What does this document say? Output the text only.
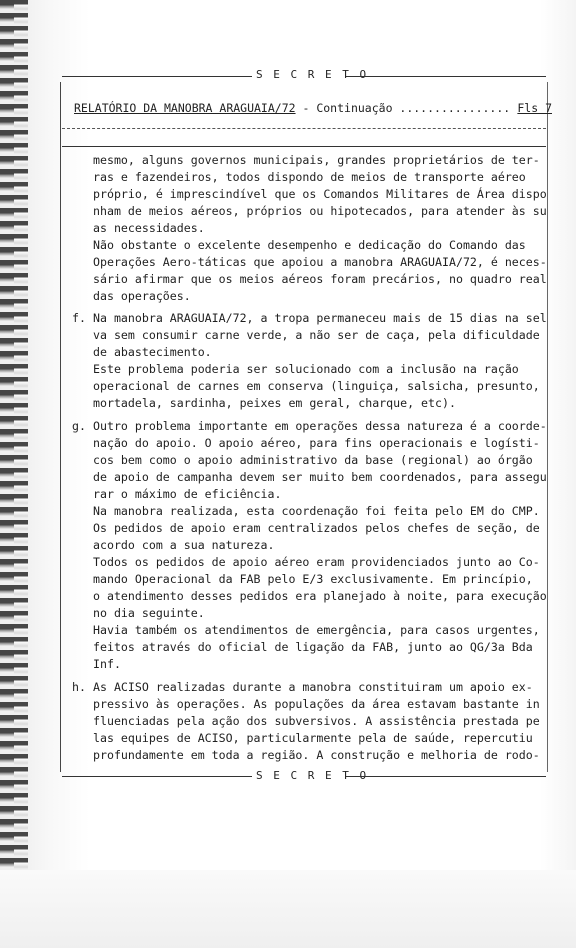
S E C R E T O
RELATÓRIO DA MANOBRA ARAGUAIA/72 - Continuação ................ Fls 7
mesmo, alguns governos municipais, grandes proprietários de ter-
ras e fazendeiros, todos dispondo de meios de transporte aéreo
próprio, é imprescindível que os Comandos Militares de Área dispo
nham de meios aéreos, próprios ou hipotecados, para atender às su
as necessidades.
Não obstante o excelente desempenho e dedicação do Comando das
Operações Aero-táticas que apoiou a manobra ARAGUAIA/72, é neces-
sário afirmar que os meios aéreos foram precários, no quadro real
das operações.
f. Na manobra ARAGUAIA/72, a tropa permaneceu mais de 15 dias na sel
va sem consumir carne verde, a não ser de caça, pela dificuldade
de abastecimento.
Este problema poderia ser solucionado com a inclusão na ração
operacional de carnes em conserva (linguiça, salsicha, presunto,
mortadela, sardinha, peixes em geral, charque, etc).
g. Outro problema importante em operações dessa natureza é a coorde-
nação do apoio. O apoio aéreo, para fins operacionais e logísti-
cos bem como o apoio administrativo da base (regional) ao órgão
de apoio de campanha devem ser muito bem coordenados, para assegu
rar o máximo de eficiência.
Na manobra realizada, esta coordenação foi feita pelo EM do CMP.
Os pedidos de apoio eram centralizados pelos chefes de seção, de
acordo com a sua natureza.
Todos os pedidos de apoio aéreo eram providenciados junto ao Co-
mando Operacional da FAB pelo E/3 exclusivamente. Em princípio,
o atendimento desses pedidos era planejado à noite, para execução
no dia seguinte.
Havia também os atendimentos de emergência, para casos urgentes,
feitos através do oficial de ligação da FAB, junto ao QG/3a Bda
Inf.
h. As ACISO realizadas durante a manobra constituiram um apoio ex-
pressivo às operações. As populações da área estavam bastante in
fluenciadas pela ação dos subversivos. A assistência prestada pe
las equipes de ACISO, particularmente pela de saúde, repercutiu
profundamente em toda a região. A construção e melhoria de rodo-
S E C R E T O
